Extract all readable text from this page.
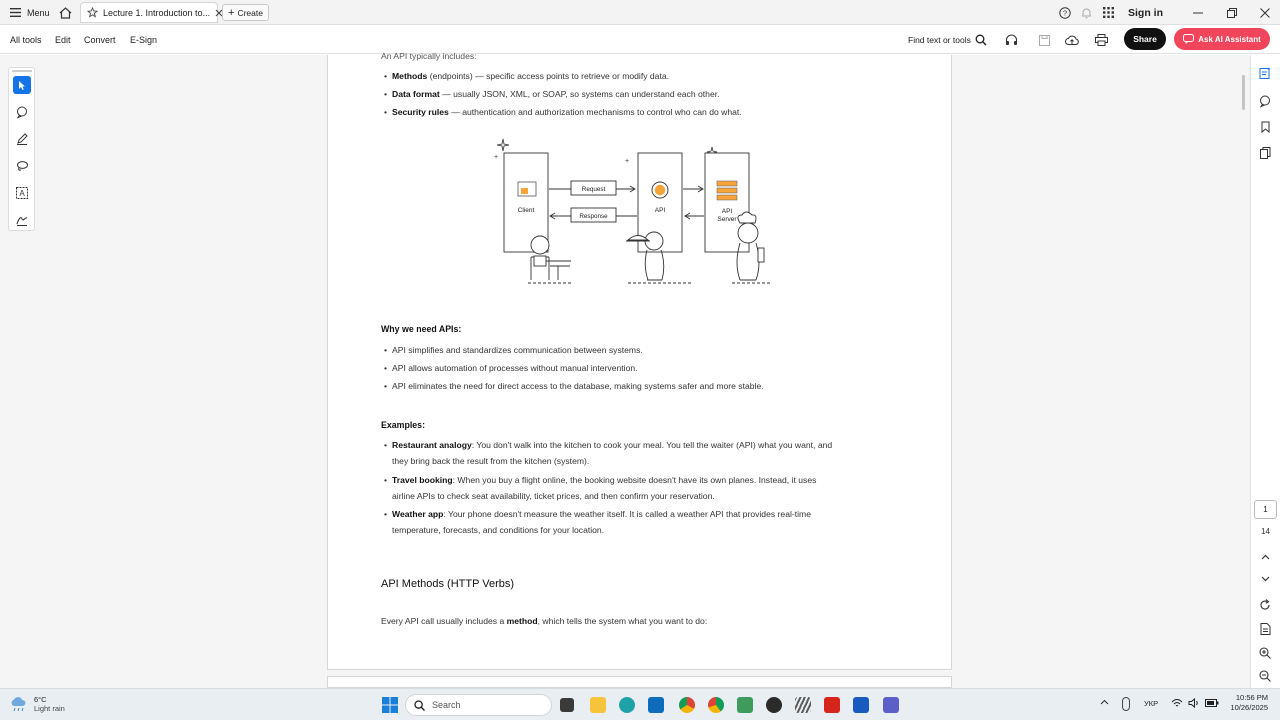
Menu	Lecture 1. Introduction to... + Create	?	Sign in
All tools Edit Convert E-Sign	Find text or tools	Share	Ask AI Assistant
A
An API typically includes:
• Methods (endpoints) — specific access points to retrieve or modify data.
• Data format — usually JSON, XML, or SOAP, so systems can understand each other.
• Security rules — authentication and authorization mechanisms to control who can do what.
+
+
Client	API	API
Server
Request
Response
Why we need APIs:
• API simplifies and standardizes communication between systems.
• API allows automation of processes without manual intervention.
• API eliminates the need for direct access to the database, making systems safer and more stable.
Examples:
• Restaurant analogy: You don't walk into the kitchen to cook your meal. You tell the waiter (API) what you want, and
they bring back the result from the kitchen (system).
• Travel booking: When you buy a flight online, the booking website doesn't have its own planes. Instead, it uses
airline APIs to check seat availability, ticket prices, and then confirm your reservation.
• Weather app: Your phone doesn't measure the weather itself. It is called a weather API that provides real-time
temperature, forecasts, and conditions for your location.
API Methods (HTTP Verbs)
Every API call usually includes a method, which tells the system what you want to do:
1
14
6°C
Light rain	Search	УКР
10:56 PM
10/26/2025
